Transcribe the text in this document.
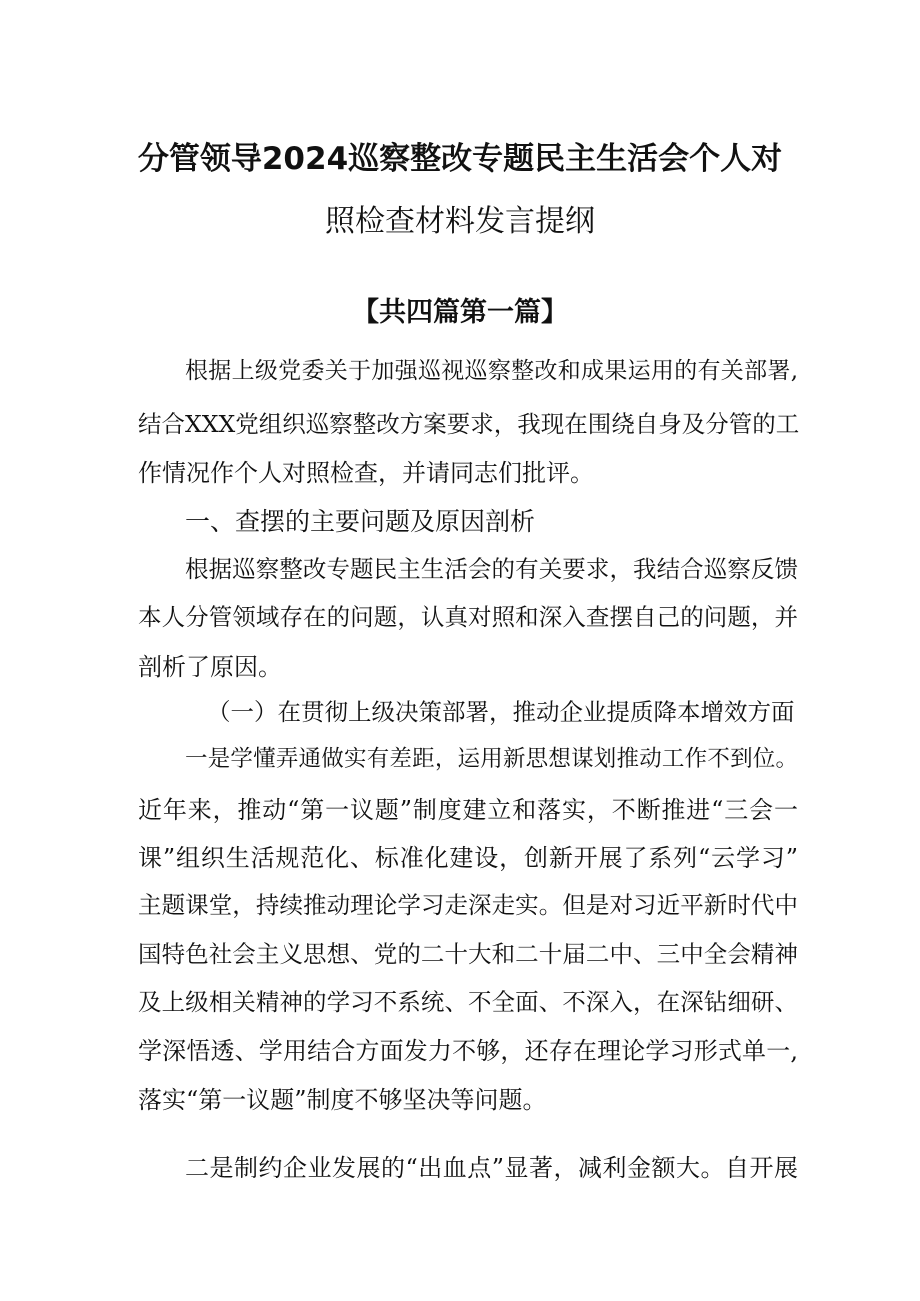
分管领导2024巡察整改专题民主生活会个人对
照检查材料发言提纲
【共四篇第一篇】
根据上级党委关于加强巡视巡察整改和成果运用的有关部署,
结合XXX党组织巡察整改方案要求，我现在围绕自身及分管的工
作情况作个人对照检查，并请同志们批评。
一、查摆的主要问题及原因剖析
根据巡察整改专题民主生活会的有关要求，我结合巡察反馈
本人分管领域存在的问题，认真对照和深入查摆自己的问题，并
剖析了原因。
（一）在贯彻上级决策部署，推动企业提质降本增效方面
一是学懂弄通做实有差距，运用新思想谋划推动工作不到位。
近年来，推动“第一议题”制度建立和落实，不断推进“三会一
课”组织生活规范化、标准化建设，创新开展了系列“云学习”
主题课堂，持续推动理论学习走深走实。但是对习近平新时代中
国特色社会主义思想、党的二十大和二十届二中、三中全会精神
及上级相关精神的学习不系统、不全面、不深入，在深钻细研、
学深悟透、学用结合方面发力不够，还存在理论学习形式单一,
落实“第一议题”制度不够坚决等问题。
二是制约企业发展的“出血点”显著，减利金额大。自开展
